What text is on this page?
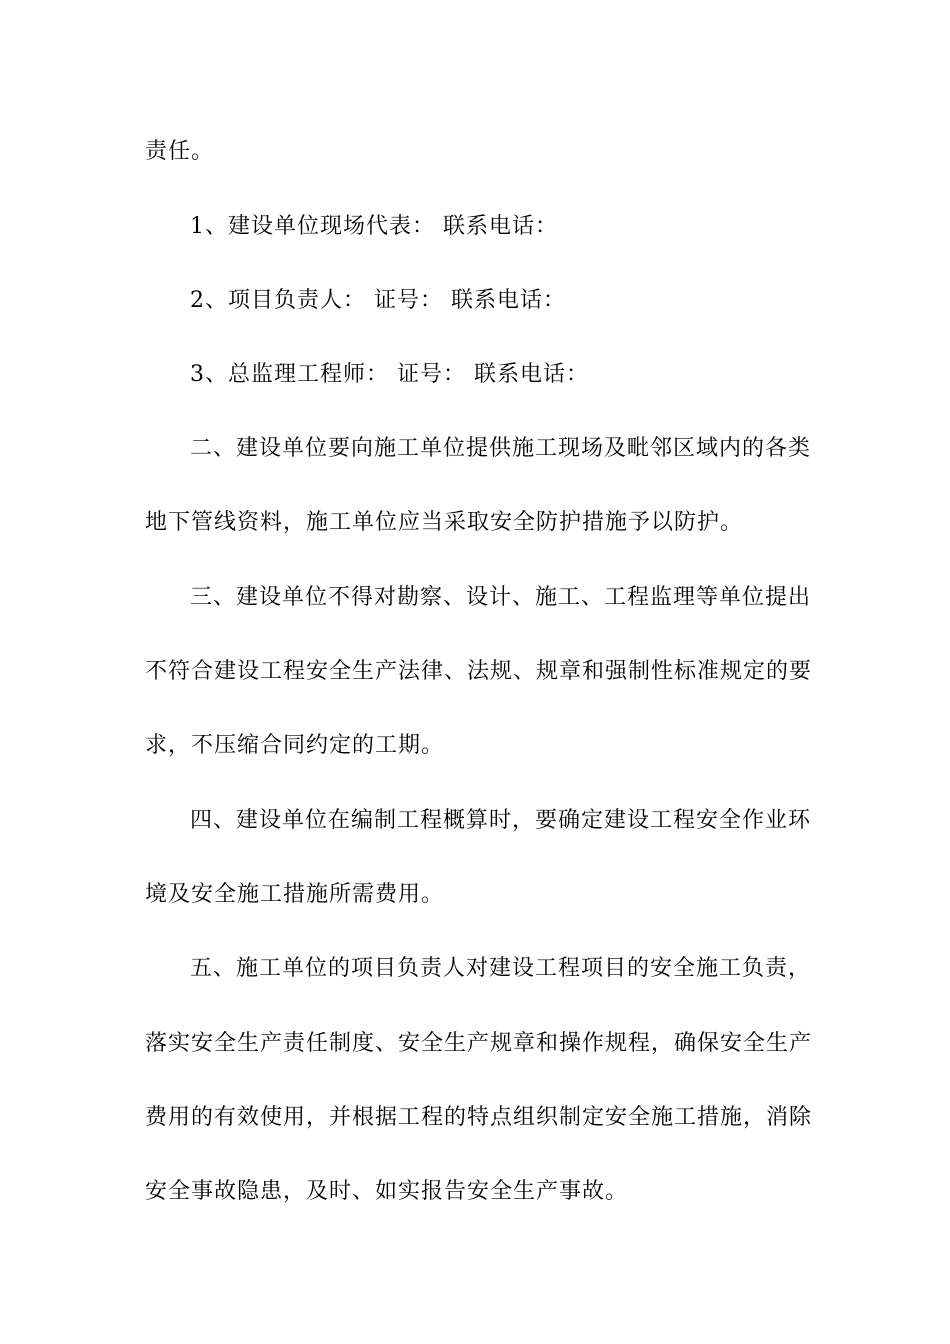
责任。
1、建设单位现场代表： 联系电话：
2、项目负责人： 证号： 联系电话：
3、总监理工程师： 证号： 联系电话：
二、建设单位要向施工单位提供施工现场及毗邻区域内的各类
地下管线资料，施工单位应当采取安全防护措施予以防护。
三、建设单位不得对勘察、设计、施工、工程监理等单位提出
不符合建设工程安全生产法律、法规、规章和强制性标准规定的要
求，不压缩合同约定的工期。
四、建设单位在编制工程概算时，要确定建设工程安全作业环
境及安全施工措施所需费用。
五、施工单位的项目负责人对建设工程项目的安全施工负责，
落实安全生产责任制度、安全生产规章和操作规程，确保安全生产
费用的有效使用，并根据工程的特点组织制定安全施工措施，消除
安全事故隐患，及时、如实报告安全生产事故。
